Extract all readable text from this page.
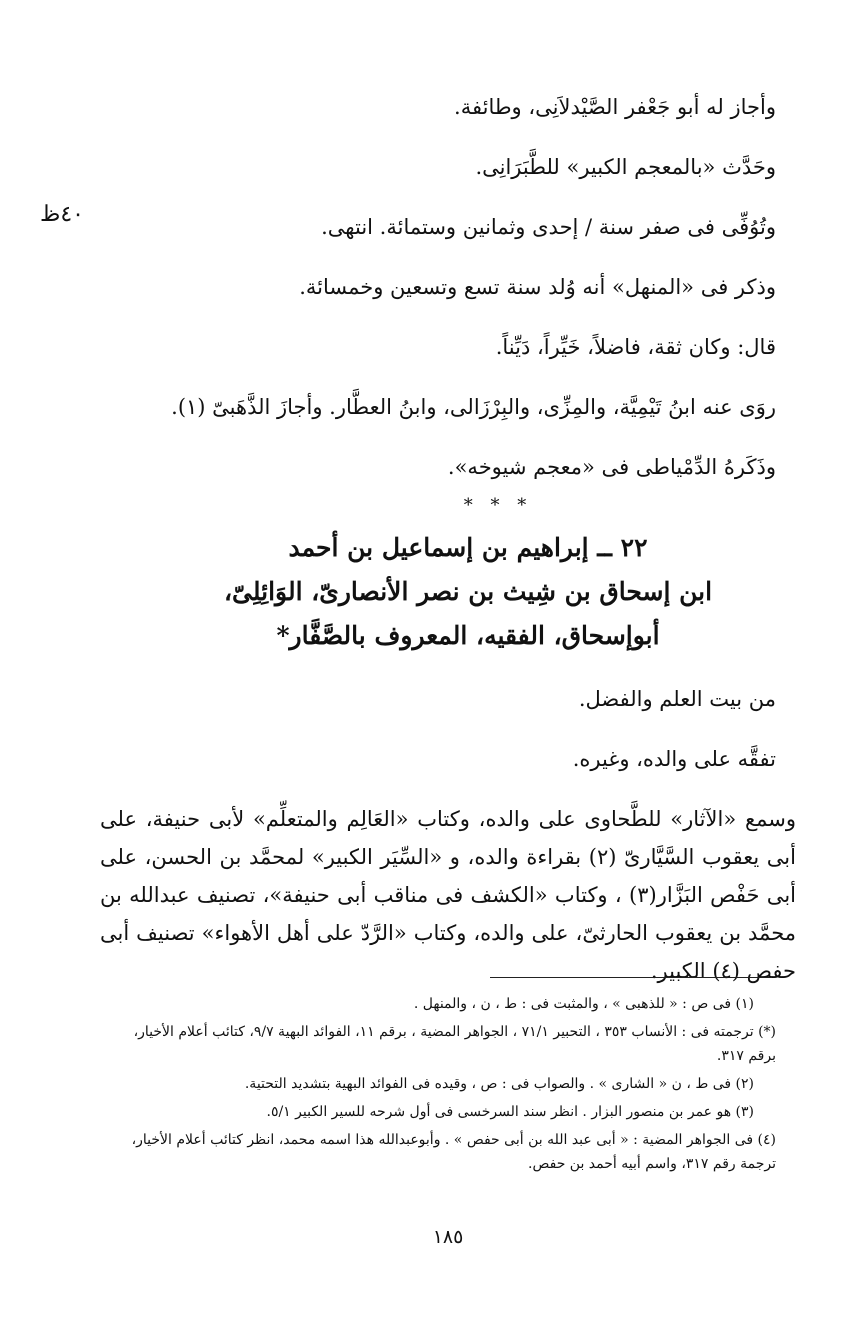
٤٠ظ
وأجاز له أبو جَعْفر الصَّيْدلاَنِى، وطائفة.
وحَدَّث «بالمعجم الكبير» للطَّبَرَانِى.
وتُوُفِّى فى صفر سنة / إحدى وثمانين وستمائة. انتهى.
وذكر فى «المنهل» أنه وُلد سنة تسع وتسعين وخمسائة.
قال: وكان ثقة، فاضلاً، خَيِّراً، دَيِّناً.
روَى عنه ابنُ تَيْمِيَّة، والمِزِّى، والبِرْزَالى، وابنُ العطَّار. وأجازَ الذَّهَبىّ (١).
وذَكَرهُ الدِّمْياطى فى «معجم شيوخه».
* * *
٢٢ ــ إبراهيم بن إسماعيل بن أحمد
ابن إسحاق بن شِيث بن نصر الأنصارىّ، الوَائِلِىّ،
أبوإسحاق، الفقيه، المعروف بالصَّفَّار*
من بيت العلم والفضل.
تفقَّه على والده، وغيره.
وسمع «الآثار» للطَّحاوى على والده، وكتاب «العَالِم والمتعلِّم» لأبى حنيفة، على أبى يعقوب السَّيَّارىّ (٢) بقراءة والده، و «السِّيَر الكبير» لمحمَّد بن الحسن، على أبى حَفْص البَزَّار(٣) ، وكتاب «الكشف فى مناقب أبى حنيفة»، تصنيف عبدالله بن محمَّد بن يعقوب الحارثىّ، على والده، وكتاب «الرَّدّ على أهل الأهواء» تصنيف أبى حفص (٤) الكبير.
(١) فى ص : « للذهبى » ، والمثبت فى : ط ، ن ، والمنهل .
(*) ترجمته فى : الأنساب ٣٥٣ ، التحبير ٧١/١ ، الجواهر المضية ، برقم ١١، الفوائد البهية ٩/٧، كتائب أعلام الأخيار، برقم ٣١٧.
(٢) فى ط ، ن « الشارى » . والصواب فى : ص ، وقيده فى الفوائد البهية بتشديد التحتية.
(٣) هو عمر بن منصور البزار . انظر سند السرخسى فى أول شرحه للسير الكبير ٥/١.
(٤) فى الجواهر المضية : « أبى عبد الله بن أبى حفص » . وأبوعبدالله هذا اسمه محمد، انظر كتائب أعلام الأخيار، ترجمة رقم ٣١٧، واسم أبيه أحمد بن حفص.
١٨٥
